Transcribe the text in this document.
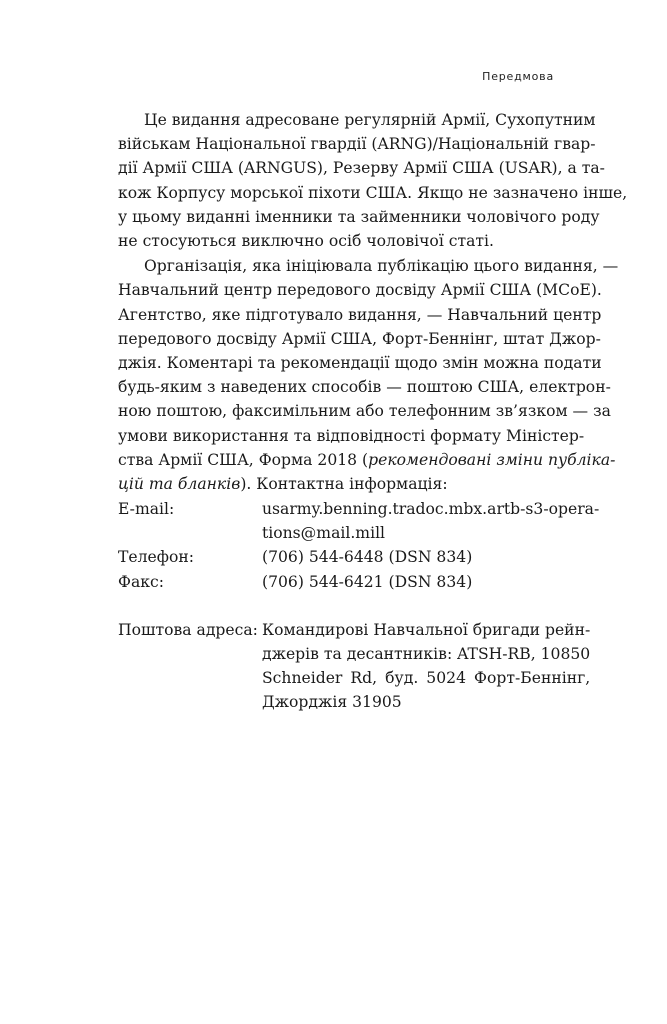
Передмова
Це видання адресоване регулярній Армії, Сухопутним
військам Національної гвардії (ARNG)/Національній гвар-
дії Армії США (ARNGUS), Резерву Армії США (USAR), а та-
кож Корпусу морської піхоти США. Якщо не зазначено інше,
у цьому виданні іменники та займенники чоловічого роду
не стосуються виключно осіб чоловічої статі.
Організація, яка ініціювала публікацію цього видання, —
Навчальний центр передового досвіду Армії США (MCoE).
Агентство, яке підготувало видання, — Навчальний центр
передового досвіду Армії США, Форт-Беннінг, штат Джор-
джія. Коментарі та рекомендації щодо змін можна подати
будь-яким з наведених способів — поштою США, електрон-
ною поштою, факсимільним або телефонним зв’язком — за
умови використання та відповідності формату Міністер-
ства Армії США, Форма 2018 (рекомендовані зміни публіка-
цій та бланків). Контактна інформація:
E-mail:	usarmy.benning.tradoc.mbx.artb-s3-opera-
tions@mail.mill
Телефон:	(706) 544-6448 (DSN 834)
Факс:	(706) 544-6421 (DSN 834)
Поштова адреса: Командирові Навчальної бригади рейн-
джерів та десантників: ATSH-RB, 10850
Schneider Rd, буд. 5024 Форт-Беннінг,
Джорджія 31905
